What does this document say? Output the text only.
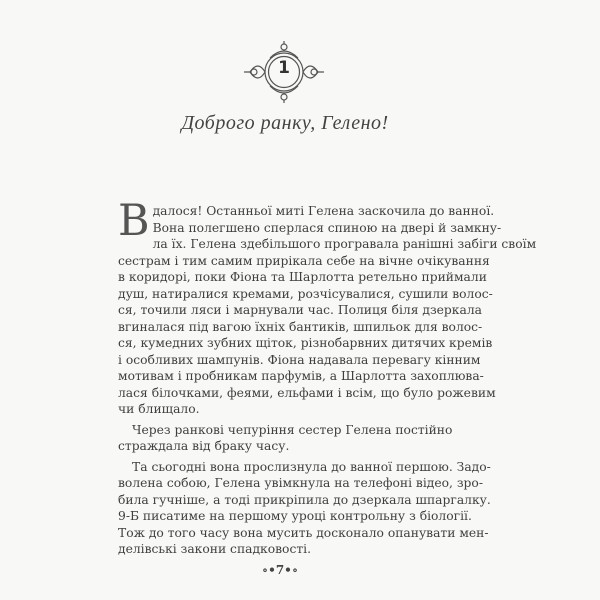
1
Доброго ранку, Гелено!
В далося! Останньої миті Гелена заскочила до ванної.
Вона полегшено сперлася спиною на двері й замкну-
ла їх. Гелена здебільшого програвала ранішні забіги своїм
сестрам і тим самим прирікала себе на вічне очікування
в коридорі, поки Фіона та Шарлотта ретельно приймали
душ, натиралися кремами, розчісувалися, сушили волос-
ся, точили ляси і марнували час. Полиця біля дзеркала
вгиналася під вагою їхніх бантиків, шпильок для волос-
ся, кумедних зубних щіток, різнобарвних дитячих кремів
і особливих шампунів. Фіона надавала перевагу кінним
мотивам і пробникам парфумів, а Шарлотта захоплюва-
лася білочками, феями, ельфами і всім, що було рожевим
чи блищало.
Через ранкові чепуріння сестер Гелена постійно
страждала від браку часу.
Та сьогодні вона прослизнула до ванної першою. Задо-
волена собою, Гелена увімкнула на телефоні відео, зро-
била гучніше, а тоді прикріпила до дзеркала шпаргалку.
9-Б писатиме на першому уроці контрольну з біології.
Тож до того часу вона мусить досконало опанувати мен-
делівські закони спадковості.
∘•7•∘
